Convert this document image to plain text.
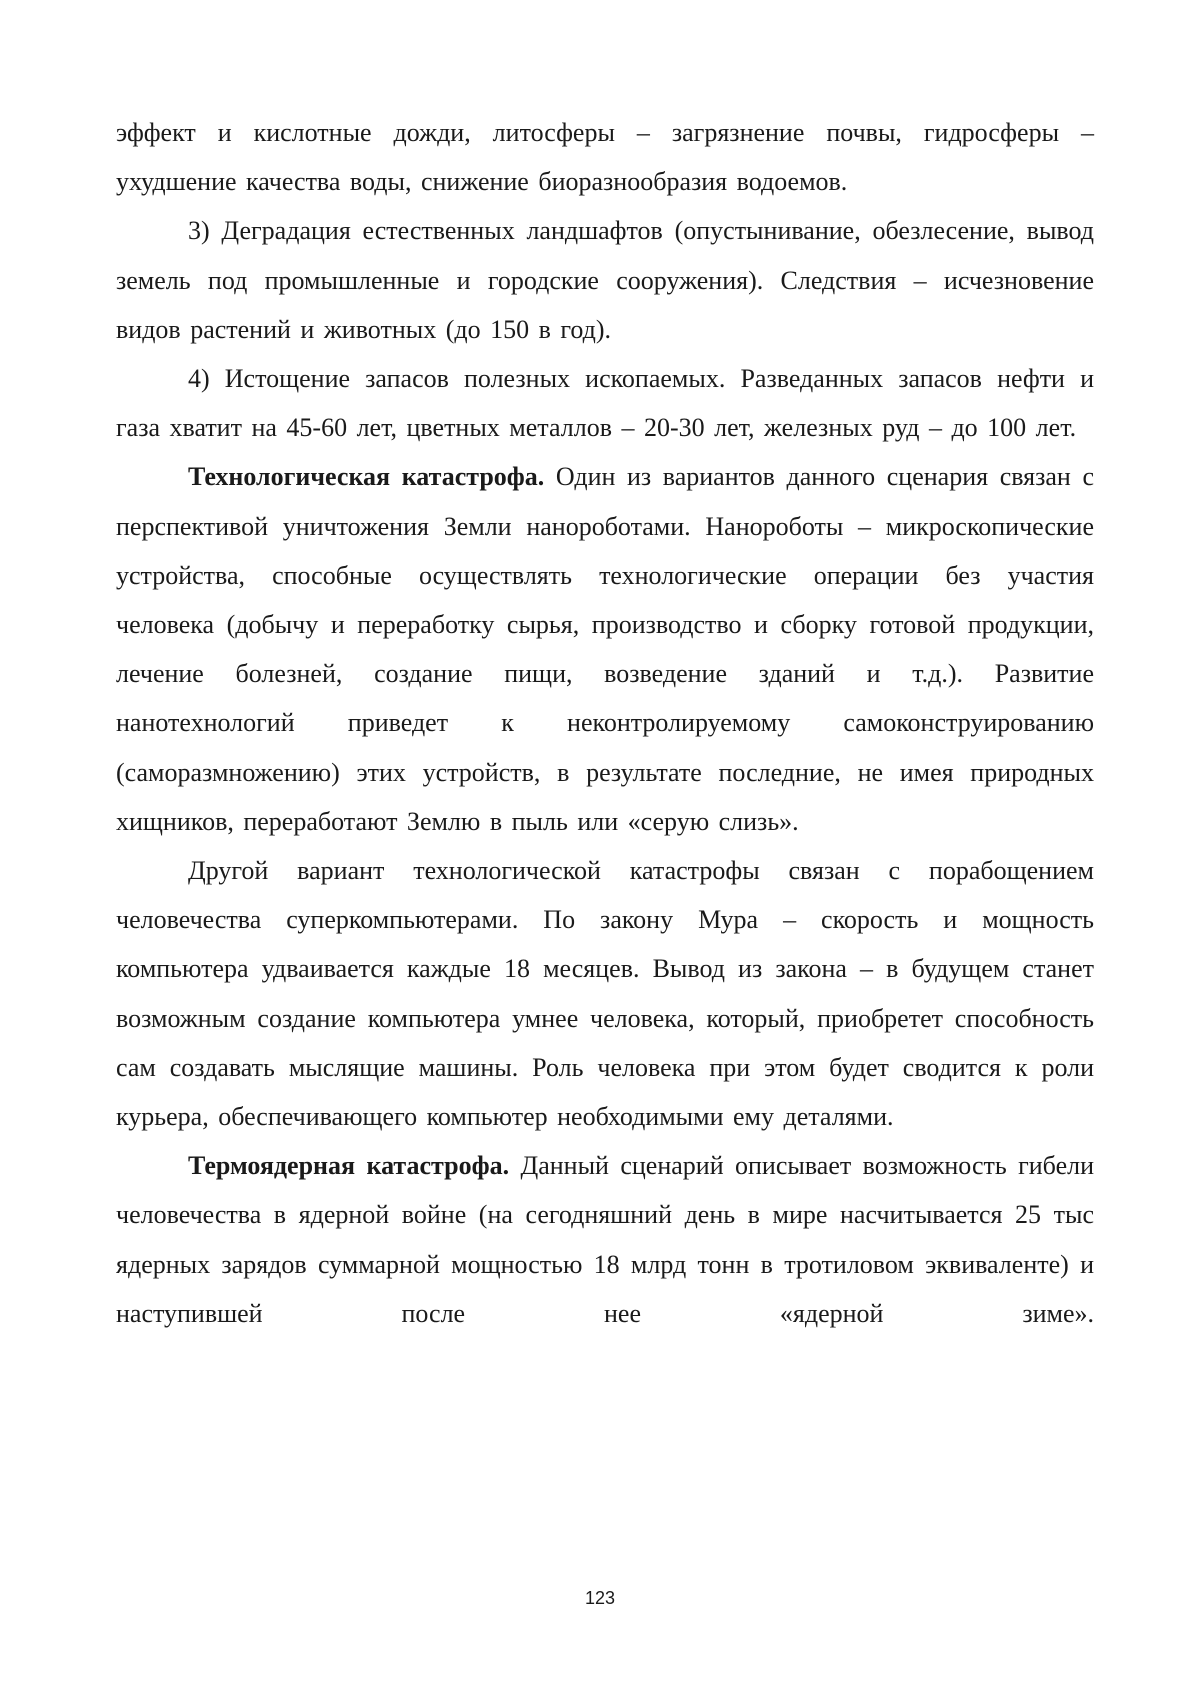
эффект и кислотные дожди, литосферы – загрязнение почвы, гидросферы – ухудшение качества воды, снижение биоразнообразия водоемов.

3) Деградация естественных ландшафтов (опустынивание, обезлесение, вывод земель под промышленные и городские сооружения). Следствия – исчезновение видов растений и животных (до 150 в год).

4) Истощение запасов полезных ископаемых. Разведанных запасов нефти и газа хватит на 45-60 лет, цветных металлов – 20-30 лет, железных руд – до 100 лет.

Технологическая катастрофа. Один из вариантов данного сценария связан с перспективой уничтожения Земли нанороботами. Нанороботы – микроскопические устройства, способные осуществлять технологические операции без участия человека (добычу и переработку сырья, производство и сборку готовой продукции, лечение болезней, создание пищи, возведение зданий и т.д.). Развитие нанотехнологий приведет к неконтролируемому самоконструированию (саморазмножению) этих устройств, в результате последние, не имея природных хищников, переработают Землю в пыль или «серую слизь».

Другой вариант технологической катастрофы связан с порабощением человечества суперкомпьютерами. По закону Мура – скорость и мощность компьютера удваивается каждые 18 месяцев. Вывод из закона – в будущем станет возможным создание компьютера умнее человека, который, приобретет способность сам создавать мыслящие машины. Роль человека при этом будет сводится к роли курьера, обеспечивающего компьютер необходимыми ему деталями.

Термоядерная катастрофа. Данный сценарий описывает возможность гибели человечества в ядерной войне (на сегодняшний день в мире насчитывается 25 тыс ядерных зарядов суммарной мощностью 18 млрд тонн в тротиловом эквиваленте) и наступившей после нее «ядерной зиме».

123
